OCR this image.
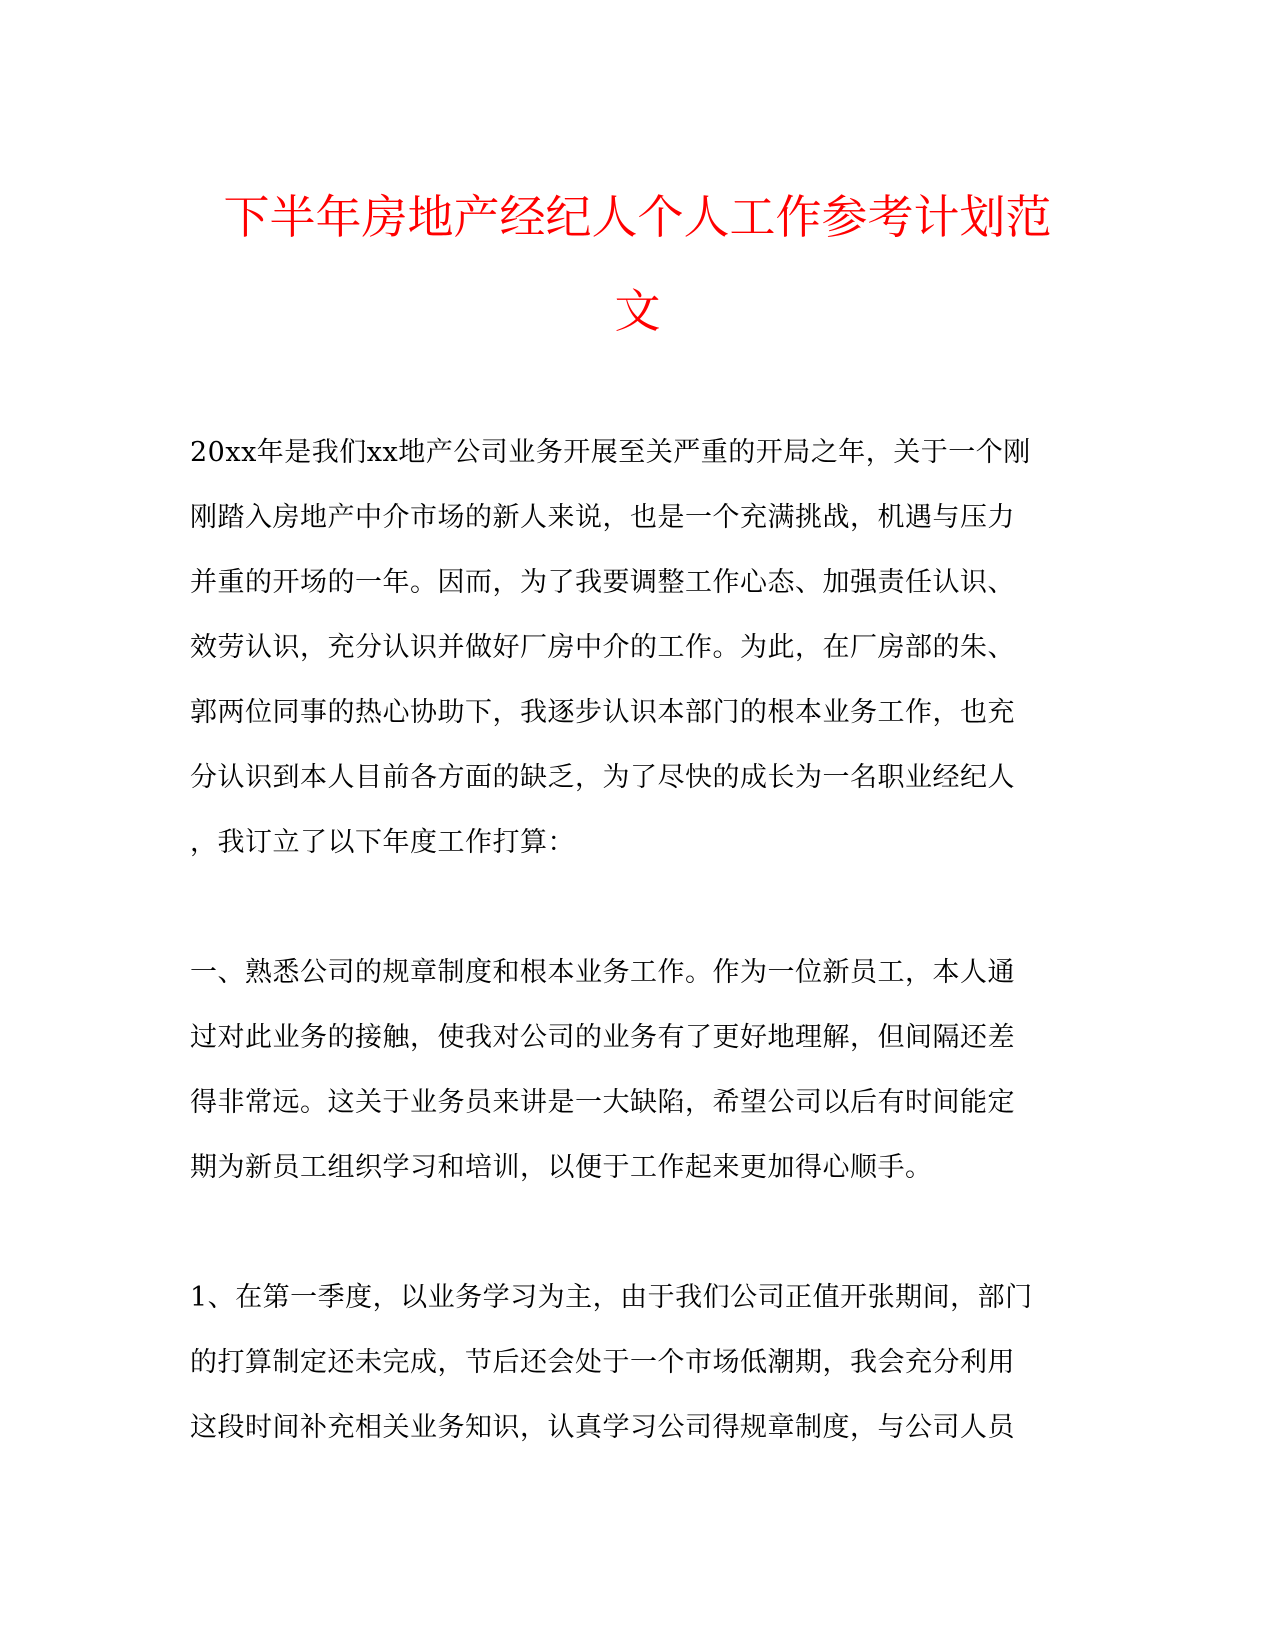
下半年房地产经纪人个人工作参考计划范
文
20xx年是我们xx地产公司业务开展至关严重的开局之年，关于一个刚
刚踏入房地产中介市场的新人来说，也是一个充满挑战，机遇与压力
并重的开场的一年。因而，为了我要调整工作心态、加强责任认识、
效劳认识，充分认识并做好厂房中介的工作。为此，在厂房部的朱、
郭两位同事的热心协助下，我逐步认识本部门的根本业务工作，也充
分认识到本人目前各方面的缺乏，为了尽快的成长为一名职业经纪人
，我订立了以下年度工作打算：
一、熟悉公司的规章制度和根本业务工作。作为一位新员工，本人通
过对此业务的接触，使我对公司的业务有了更好地理解，但间隔还差
得非常远。这关于业务员来讲是一大缺陷，希望公司以后有时间能定
期为新员工组织学习和培训，以便于工作起来更加得心顺手。
1、在第一季度，以业务学习为主，由于我们公司正值开张期间，部门
的打算制定还未完成，节后还会处于一个市场低潮期，我会充分利用
这段时间补充相关业务知识，认真学习公司得规章制度，与公司人员
